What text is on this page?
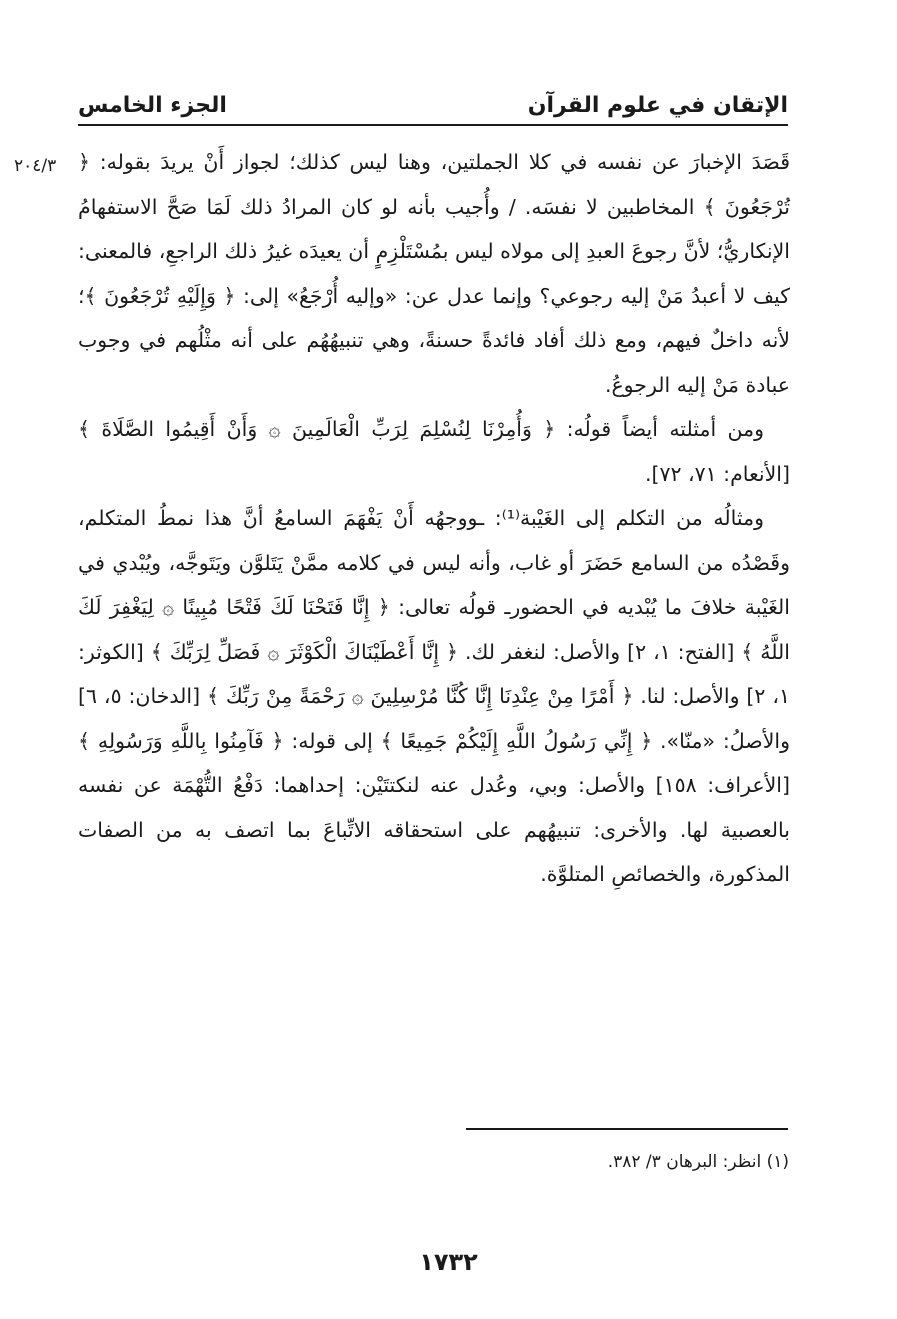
الإتقان في علوم القرآن
الجزء الخامس
٢٠٤/٣ قَصَدَ الإخبارَ عن نفسه في كلا الجملتين، وهنا ليس كذلك؛ لجواز أَنْ يريدَ بقوله: ﴿ تُرْجَعُونَ ﴾ المخاطبين لا نفسَه. / وأُجيب بأنه لو كان المرادُ ذلك لَمَا صَحَّ الاستفهامُ الإنكاريُّ؛ لأنَّ رجوعَ العبدِ إلى مولاه ليس بمُسْتَلْزِمٍ أن يعيدَه غيرُ ذلك الراجعِ، فالمعنى: كيف لا أعبدُ مَنْ إليه رجوعي؟ وإنما عدل عن: «وإليه أُرْجَعُ» إلى: ﴿ وَإِلَيْهِ تُرْجَعُونَ ﴾؛ لأنه داخلٌ فيهم، ومع ذلك أفاد فائدةً حسنةً، وهي تنبيهُهُم على أنه مثْلُهم في وجوب عبادة مَنْ إليه الرجوعُ.

ومن أمثلته أيضاً قولُه: ﴿ وَأُمِرْنَا لِنُسْلِمَ لِرَبِّ الْعَالَمِينَ ۞ وَأَنْ أَقِيمُوا الصَّلَاةَ ﴾ [الأنعام: ٧١، ٧٢].

ومثالُه من التكلم إلى الغَيْبة⁽¹⁾: ـووجهُه أَنْ يَفْهَمَ السامعُ أنَّ هذا نمطُ المتكلم، وقَصْدُه من السامع حَضَرَ أو غاب، وأنه ليس في كلامه ممَّنْ يَتَلوَّن ويَتَوجَّه، ويُبْدي في الغَيْبة خلافَ ما يُبْديه في الحضورـ قولُه تعالى: ﴿ إِنَّا فَتَحْنَا لَكَ فَتْحًا مُبِينًا ۞ لِيَغْفِرَ لَكَ اللَّهُ ﴾ [الفتح: ١، ٢] والأصل: لنغفر لك. ﴿ إِنَّا أَعْطَيْنَاكَ الْكَوْثَرَ ۞ فَصَلِّ لِرَبِّكَ ﴾ [الكوثر: ١، ٢] والأصل: لنا. ﴿ أَمْرًا مِنْ عِنْدِنَا إِنَّا كُنَّا مُرْسِلِينَ ۞ رَحْمَةً مِنْ رَبِّكَ ﴾ [الدخان: ٥، ٦] والأصلُ: «منّا». ﴿ إِنِّي رَسُولُ اللَّهِ إِلَيْكُمْ جَمِيعًا ﴾ إلى قوله: ﴿ فَآمِنُوا بِاللَّهِ وَرَسُولِهِ ﴾ [الأعراف: ١٥٨] والأصل: وبي، وعُدل عنه لنكتتَيْن: إحداهما: دَفْعُ التُّهْمَة عن نفسه بالعصبية لها. والأخرى: تنبيهُهم على استحقاقه الاتِّباعَ بما اتصف به من الصفات المذكورة، والخصائصِ المتلوَّة.

(١) انظر: البرهان ٣/ ٣٨٢.
١٧٣٢
